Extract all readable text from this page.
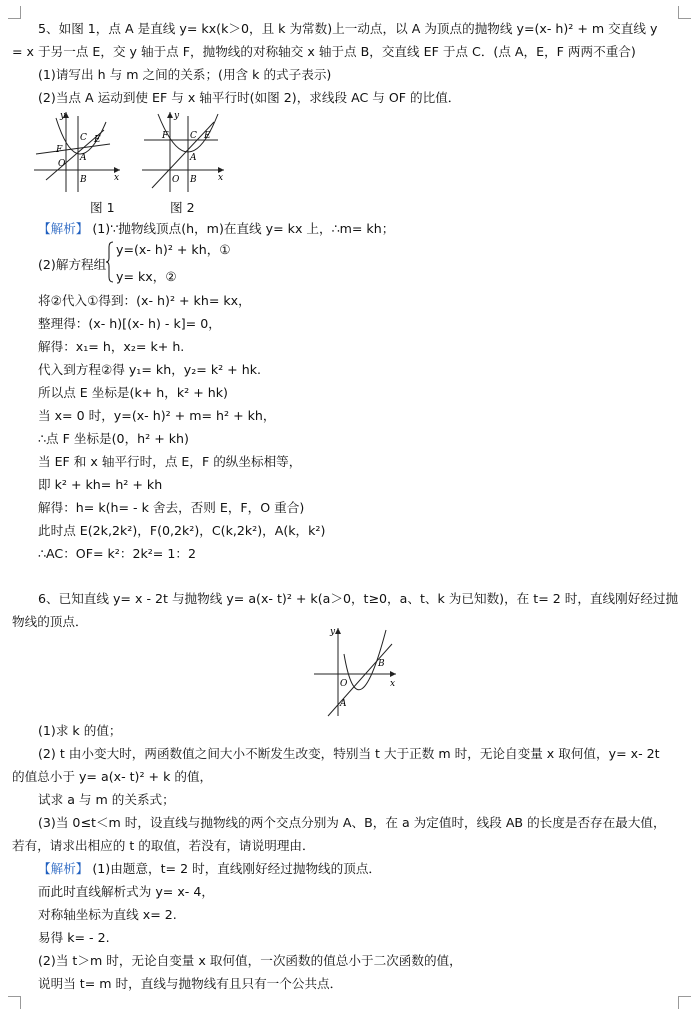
5、如图 1，点 A 是直线 y= kx(k＞0，且 k 为常数)上一动点，以 A 为顶点的抛物线 y=(x- h)² + m 交直线 y
= x 于另一点 E，交 y 轴于点 F，抛物线的对称轴交 x 轴于点 B，交直线 EF 于点 C．(点 A，E，F 两两不重合)
(1)请写出 h 与 m 之间的关系；(用含 k 的式子表示)
(2)当点 A 运动到使 EF 与 x 轴平行时(如图 2)，求线段 AC 与 OF 的比值．
y
x
O
F
C E
A
B
y
x
O
F C E
A
B
图 1	图 2
【解析】 (1)∵抛物线顶点(h，m)在直线 y= kx 上，∴m= kh；
(2)解方程组
y=(x- h)² + kh，①
y= kx，②
将②代入①得到：(x- h)² + kh= kx，
整理得：(x- h)[(x- h) - k]= 0，
解得：x₁= h，x₂= k+ h.
代入到方程②得 y₁= kh，y₂= k² + hk.
所以点 E 坐标是(k+ h，k² + hk)
当 x= 0 时，y=(x- h)² + m= h² + kh，
∴点 F 坐标是(0，h² + kh)
当 EF 和 x 轴平行时，点 E，F 的纵坐标相等，
即 k² + kh= h² + kh
解得：h= k(h= - k 舍去，否则 E，F，O 重合)
此时点 E(2k,2k²)，F(0,2k²)，C(k,2k²)，A(k，k²)
∴AC：OF= k²：2k²= 1：2
6、已知直线 y= x - 2t 与抛物线 y= a(x- t)² + k(a＞0，t≥0，a、t、k 为已知数)，在 t= 2 时，直线刚好经过抛
物线的顶点．
y
x
O
A
B
(1)求 k 的值；
(2) t 由小变大时，两函数值之间大小不断发生改变，特别当 t 大于正数 m 时，无论自变量 x 取何值，y= x- 2t
的值总小于 y= a(x- t)² + k 的值，
试求 a 与 m 的关系式；
(3)当 0≤t＜m 时，设直线与抛物线的两个交点分别为 A、B，在 a 为定值时，线段 AB 的长度是否存在最大值，
若有，请求出相应的 t 的取值，若没有，请说明理由．
【解析】 (1)由题意，t= 2 时，直线刚好经过抛物线的顶点．
而此时直线解析式为 y= x- 4，
对称轴坐标为直线 x= 2.
易得 k= - 2.
(2)当 t＞m 时，无论自变量 x 取何值，一次函数的值总小于二次函数的值，
说明当 t= m 时，直线与抛物线有且只有一个公共点．
